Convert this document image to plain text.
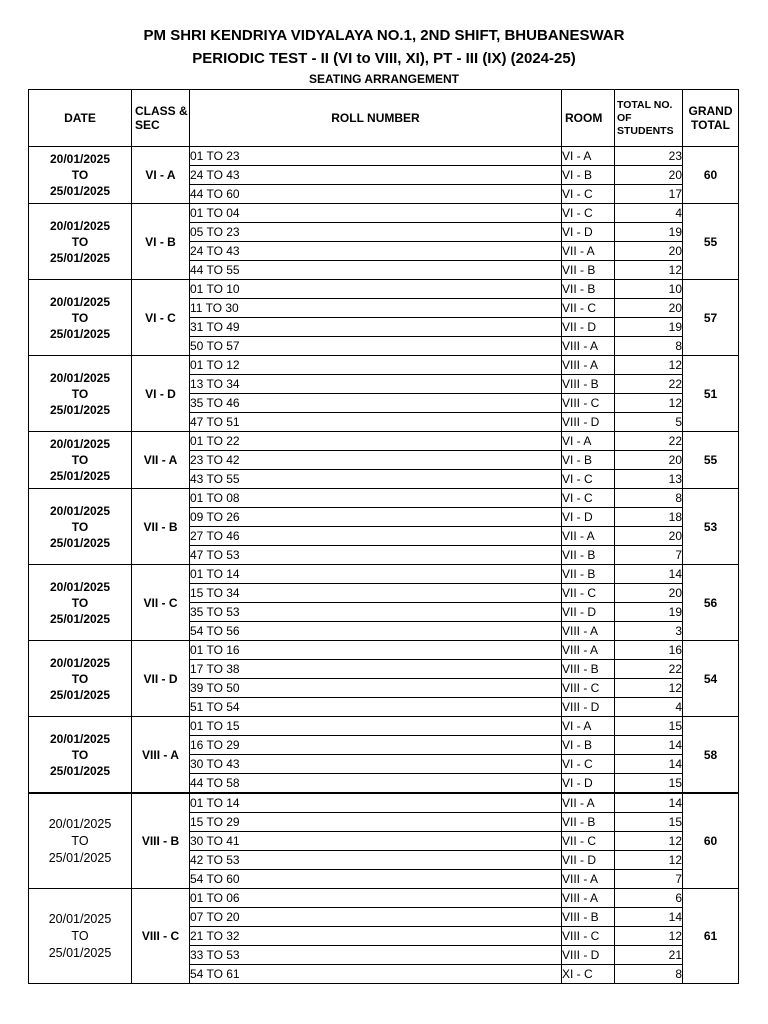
PM SHRI KENDRIYA VIDYALAYA NO.1, 2ND SHIFT, BHUBANESWAR
PERIODIC TEST - II (VI to VIII, XI), PT - III (IX) (2024-25)
SEATING ARRANGEMENT
DATE	CLASS &
SEC	ROLL NUMBER	ROOM	TOTAL NO.
OF
STUDENTS	GRAND
TOTAL
20/01/2025
TO
25/01/2025	VI - A	01 TO 23	VI - A	23	60
		24 TO 43	VI - B	20	
		44 TO 60	VI - C	17	
20/01/2025
TO
25/01/2025	VI - B	01 TO 04	VI - C	4	55
		05 TO 23	VI - D	19	
		24 TO 43	VII - A	20	
		44 TO 55	VII - B	12	
20/01/2025
TO
25/01/2025	VI - C	01 TO 10	VII - B	10	57
		11 TO 30	VII - C	20	
		31 TO 49	VII - D	19	
		50 TO 57	VIII - A	8	
20/01/2025
TO
25/01/2025	VI - D	01 TO 12	VIII - A	12	51
		13 TO 34	VIII - B	22	
		35 TO 46	VIII - C	12	
		47 TO 51	VIII - D	5	
20/01/2025
TO
25/01/2025	VII - A	01 TO 22	VI - A	22	55
		23 TO 42	VI - B	20	
		43 TO 55	VI - C	13	
20/01/2025
TO
25/01/2025	VII - B	01 TO 08	VI - C	8	53
		09 TO 26	VI - D	18	
		27 TO 46	VII - A	20	
		47 TO 53	VII - B	7	
20/01/2025
TO
25/01/2025	VII - C	01 TO 14	VII - B	14	56
		15 TO 34	VII - C	20	
		35 TO 53	VII - D	19	
		54 TO 56	VIII - A	3	
20/01/2025
TO
25/01/2025	VII - D	01 TO 16	VIII - A	16	54
		17 TO 38	VIII - B	22	
		39 TO 50	VIII - C	12	
		51 TO 54	VIII - D	4	
20/01/2025
TO
25/01/2025	VIII - A	01 TO 15	VI - A	15	58
		16 TO 29	VI - B	14	
		30 TO 43	VI - C	14	
		44 TO 58	VI - D	15	
20/01/2025
TO
25/01/2025	VIII - B	01 TO 14	VII - A	14	60
		15 TO 29	VII - B	15	
		30 TO 41	VII - C	12	
		42 TO 53	VII - D	12	
		54 TO 60	VIII - A	7	
20/01/2025
TO
25/01/2025	VIII - C	01 TO 06	VIII - A	6	61
		07 TO 20	VIII - B	14	
		21 TO 32	VIII - C	12	
		33 TO 53	VIII - D	21	
		54 TO 61	XI - C	8	
